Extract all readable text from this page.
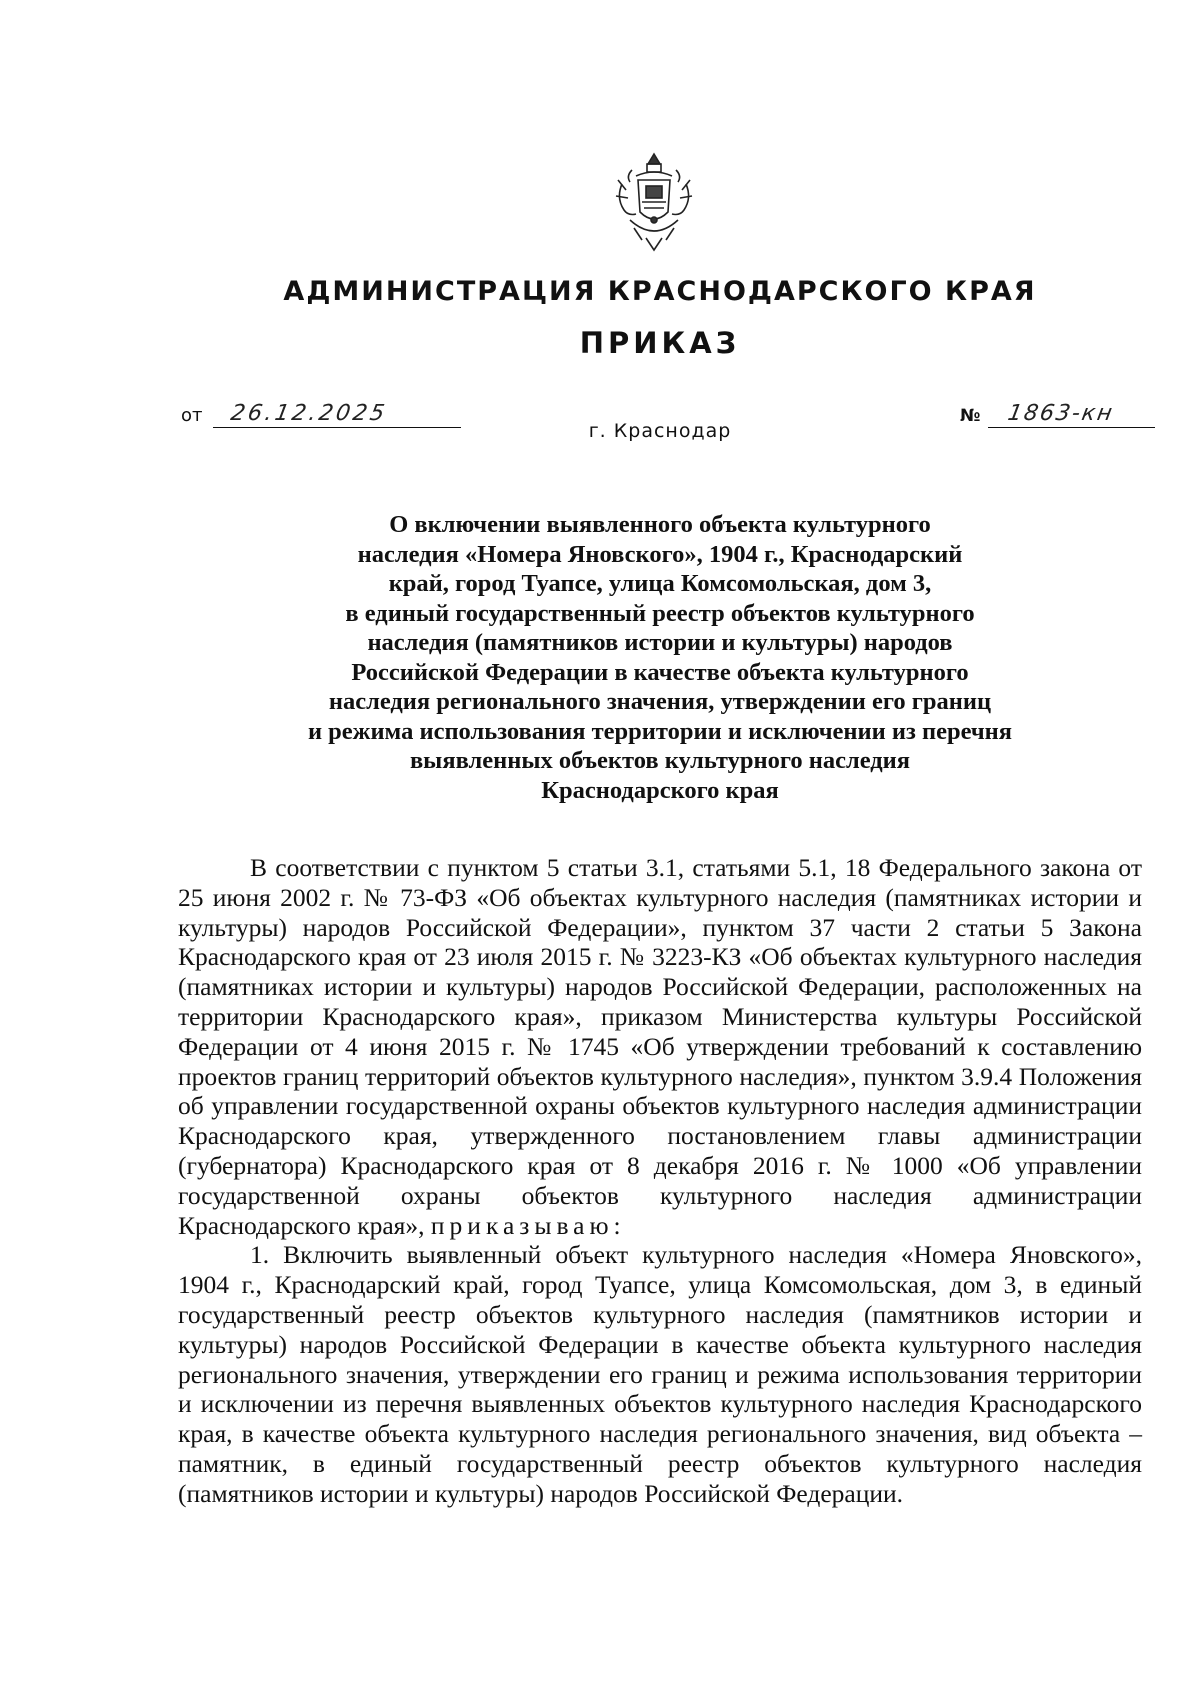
АДМИНИСТРАЦИЯ КРАСНОДАРСКОГО КРАЯ
ПРИКАЗ
от 26.12.2025	№ 1863-кн
г. Краснодар
О включении выявленного объекта культурного
наследия «Номера Яновского», 1904 г., Краснодарский
край, город Туапсе, улица Комсомольская, дом 3,
в единый государственный реестр объектов культурного
наследия (памятников истории и культуры) народов
Российской Федерации в качестве объекта культурного
наследия регионального значения, утверждении его границ
и режима использования территории и исключении из перечня
выявленных объектов культурного наследия
Краснодарского края

В соответствии с пунктом 5 статьи 3.1, статьями 5.1, 18 Федерального закона от 25 июня 2002 г. № 73-ФЗ «Об объектах культурного наследия (памятниках истории и культуры) народов Российской Федерации», пунктом 37 части 2 статьи 5 Закона Краснодарского края от 23 июля 2015 г. № 3223-КЗ «Об объектах культурного наследия (памятниках истории и культуры) народов Российской Федерации, расположенных на территории Краснодарского края», приказом Министерства культуры Российской Федерации от 4 июня 2015 г. № 1745 «Об утверждении требований к составлению проектов границ территорий объектов культурного наследия», пунктом 3.9.4 Положения об управлении государственной охраны объектов культурного наследия администрации Краснодарского края, утвержденного постановлением главы администрации (губернатора) Краснодарского края от 8 декабря 2016 г. № 1000 «Об управлении государственной охраны объектов культурного наследия администрации Краснодарского края», приказываю:

1. Включить выявленный объект культурного наследия «Номера Яновского», 1904 г., Краснодарский край, город Туапсе, улица Комсомольская, дом 3, в единый государственный реестр объектов культурного наследия (памятников истории и культуры) народов Российской Федерации в качестве объекта культурного наследия регионального значения, утверждении его границ и режима использования территории и исключении из перечня выявленных объектов культурного наследия Краснодарского края, в качестве объекта культурного наследия регионального значения, вид объекта – памятник, в единый государственный реестр объектов культурного наследия (памятников истории и культуры) народов Российской Федерации.
